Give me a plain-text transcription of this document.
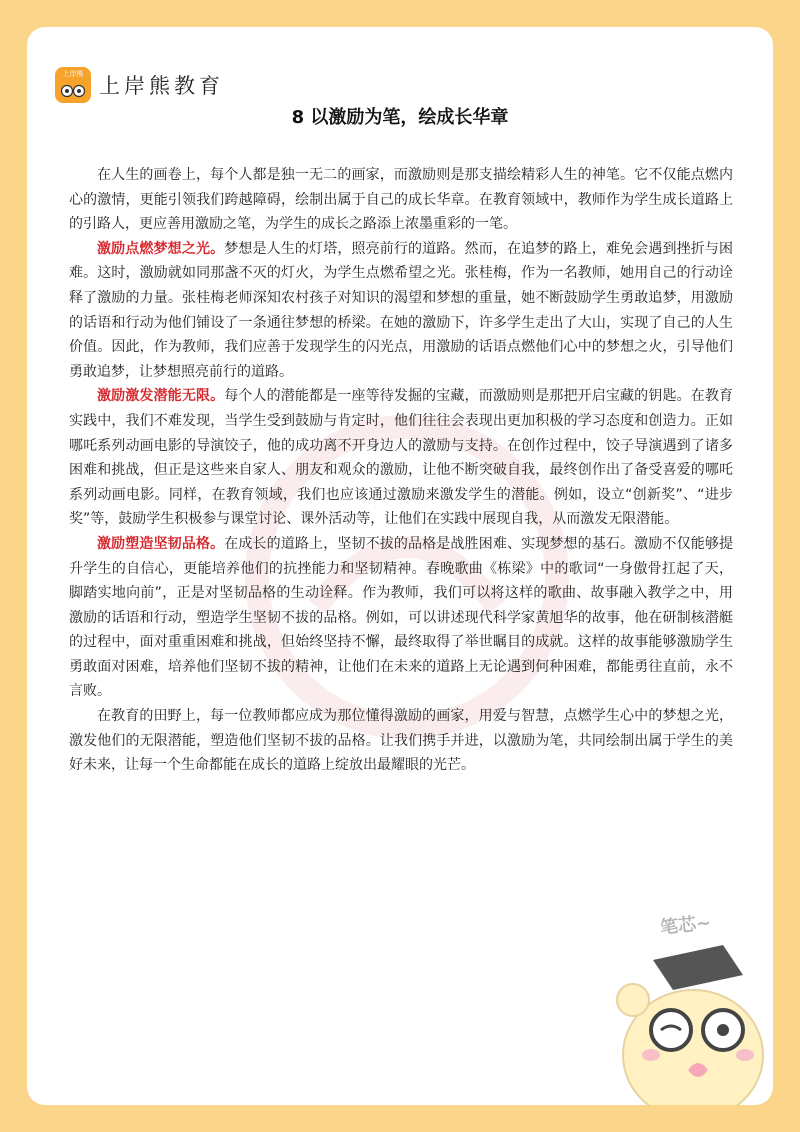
上岸熊 上岸熊教育
8 以激励为笔，绘成长华章

在人生的画卷上，每个人都是独一无二的画家，而激励则是那支描绘精彩人生的神笔。它不仅能点燃内心的激情，更能引领我们跨越障碍，绘制出属于自己的成长华章。在教育领域中，教师作为学生成长道路上的引路人，更应善用激励之笔，为学生的成长之路添上浓墨重彩的一笔。

激励点燃梦想之光。梦想是人生的灯塔，照亮前行的道路。然而，在追梦的路上，难免会遇到挫折与困难。这时，激励就如同那盏不灭的灯火，为学生点燃希望之光。张桂梅，作为一名教师，她用自己的行动诠释了激励的力量。张桂梅老师深知农村孩子对知识的渴望和梦想的重量，她不断鼓励学生勇敢追梦，用激励的话语和行动为他们铺设了一条通往梦想的桥梁。在她的激励下，许多学生走出了大山，实现了自己的人生价值。因此，作为教师，我们应善于发现学生的闪光点，用激励的话语点燃他们心中的梦想之火，引导他们勇敢追梦，让梦想照亮前行的道路。

激励激发潜能无限。每个人的潜能都是一座等待发掘的宝藏，而激励则是那把开启宝藏的钥匙。在教育实践中，我们不难发现，当学生受到鼓励与肯定时，他们往往会表现出更加积极的学习态度和创造力。正如哪吒系列动画电影的导演饺子，他的成功离不开身边人的激励与支持。在创作过程中，饺子导演遇到了诸多困难和挑战，但正是这些来自家人、朋友和观众的激励，让他不断突破自我，最终创作出了备受喜爱的哪吒系列动画电影。同样，在教育领域，我们也应该通过激励来激发学生的潜能。例如，设立“创新奖”、“进步奖”等，鼓励学生积极参与课堂讨论、课外活动等，让他们在实践中展现自我，从而激发无限潜能。

激励塑造坚韧品格。在成长的道路上，坚韧不拔的品格是战胜困难、实现梦想的基石。激励不仅能够提升学生的自信心，更能培养他们的抗挫能力和坚韧精神。春晚歌曲《栋梁》中的歌词“一身傲骨扛起了天，脚踏实地向前”，正是对坚韧品格的生动诠释。作为教师，我们可以将这样的歌曲、故事融入教学之中，用激励的话语和行动，塑造学生坚韧不拔的品格。例如，可以讲述现代科学家黄旭华的故事，他在研制核潜艇的过程中，面对重重困难和挑战，但始终坚持不懈，最终取得了举世瞩目的成就。这样的故事能够激励学生勇敢面对困难，培养他们坚韧不拔的精神，让他们在未来的道路上无论遇到何种困难，都能勇往直前，永不言败。

在教育的田野上，每一位教师都应成为那位懂得激励的画家，用爱与智慧，点燃学生心中的梦想之光，激发他们的无限潜能，塑造他们坚韧不拔的品格。让我们携手并进，以激励为笔，共同绘制出属于学生的美好未来，让每一个生命都能在成长的道路上绽放出最耀眼的光芒。

笔芯~
